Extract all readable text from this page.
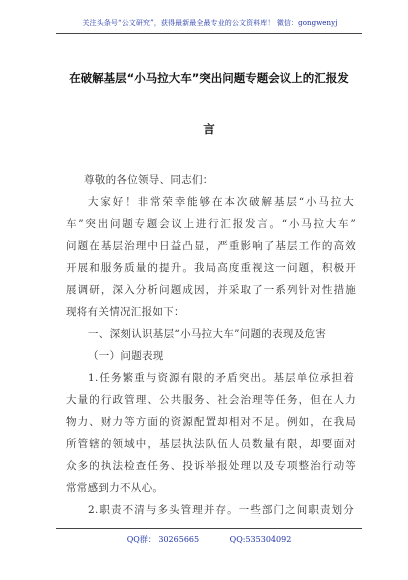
关注头条号“公文研究”，获得最新最全最专业的公文资料库！ 微信：gongwenyj
在破解基层“小马拉大车”突出问题专题会议上的汇报发
言
尊敬的各位领导、同志们：
大家好！非常荣幸能够在本次破解基层“小马拉大
车”突出问题专题会议上进行汇报发言。“小马拉大车”
问题在基层治理中日益凸显，严重影响了基层工作的高效
开展和服务质量的提升。我局高度重视这一问题，积极开
展调研，深入分析问题成因，并采取了一系列针对性措施
现将有关情况汇报如下：
一、深刻认识基层“小马拉大车”问题的表现及危害
（一）问题表现
1.任务繁重与资源有限的矛盾突出。基层单位承担着
大量的行政管理、公共服务、社会治理等任务，但在人力
物力、财力等方面的资源配置却相对不足。例如，在我局
所管辖的领域中，基层执法队伍人员数量有限，却要面对
众多的执法检查任务、投诉举报处理以及专项整治行动等
常常感到力不从心。
2.职责不清与多头管理并存。一些部门之间职责划分
QQ群： 30265665	QQ:535304092
